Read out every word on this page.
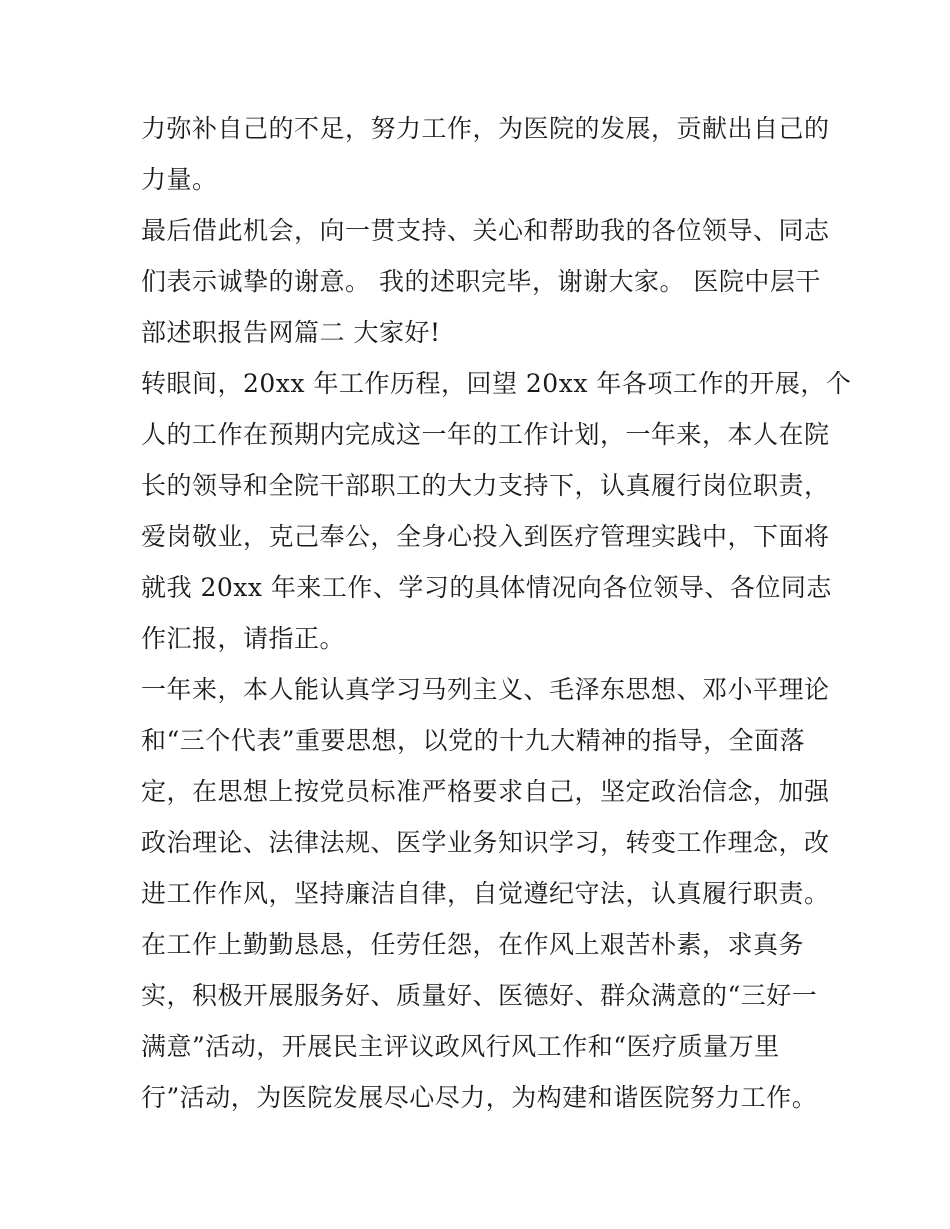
力弥补自己的不足，努力工作，为医院的发展，贡献出自己的
力量。
最后借此机会，向一贯支持、关心和帮助我的各位领导、同志
们表示诚挚的谢意。 我的述职完毕，谢谢大家。 医院中层干
部述职报告网篇二 大家好!
转眼间，20xx 年工作历程，回望 20xx 年各项工作的开展，个
人的工作在预期内完成这一年的工作计划，一年来，本人在院
长的领导和全院干部职工的大力支持下，认真履行岗位职责，
爱岗敬业，克己奉公，全身心投入到医疗管理实践中，下面将
就我 20xx 年来工作、学习的具体情况向各位领导、各位同志
作汇报，请指正。
一年来，本人能认真学习马列主义、毛泽东思想、邓小平理论
和“三个代表”重要思想，以党的十九大精神的指导，全面落
定，在思想上按党员标准严格要求自己，坚定政治信念，加强
政治理论、法律法规、医学业务知识学习，转变工作理念，改
进工作作风，坚持廉洁自律，自觉遵纪守法，认真履行职责。
在工作上勤勤恳恳，任劳任怨，在作风上艰苦朴素，求真务
实，积极开展服务好、质量好、医德好、群众满意的“三好一
满意”活动，开展民主评议政风行风工作和“医疗质量万里
行”活动，为医院发展尽心尽力，为构建和谐医院努力工作。
